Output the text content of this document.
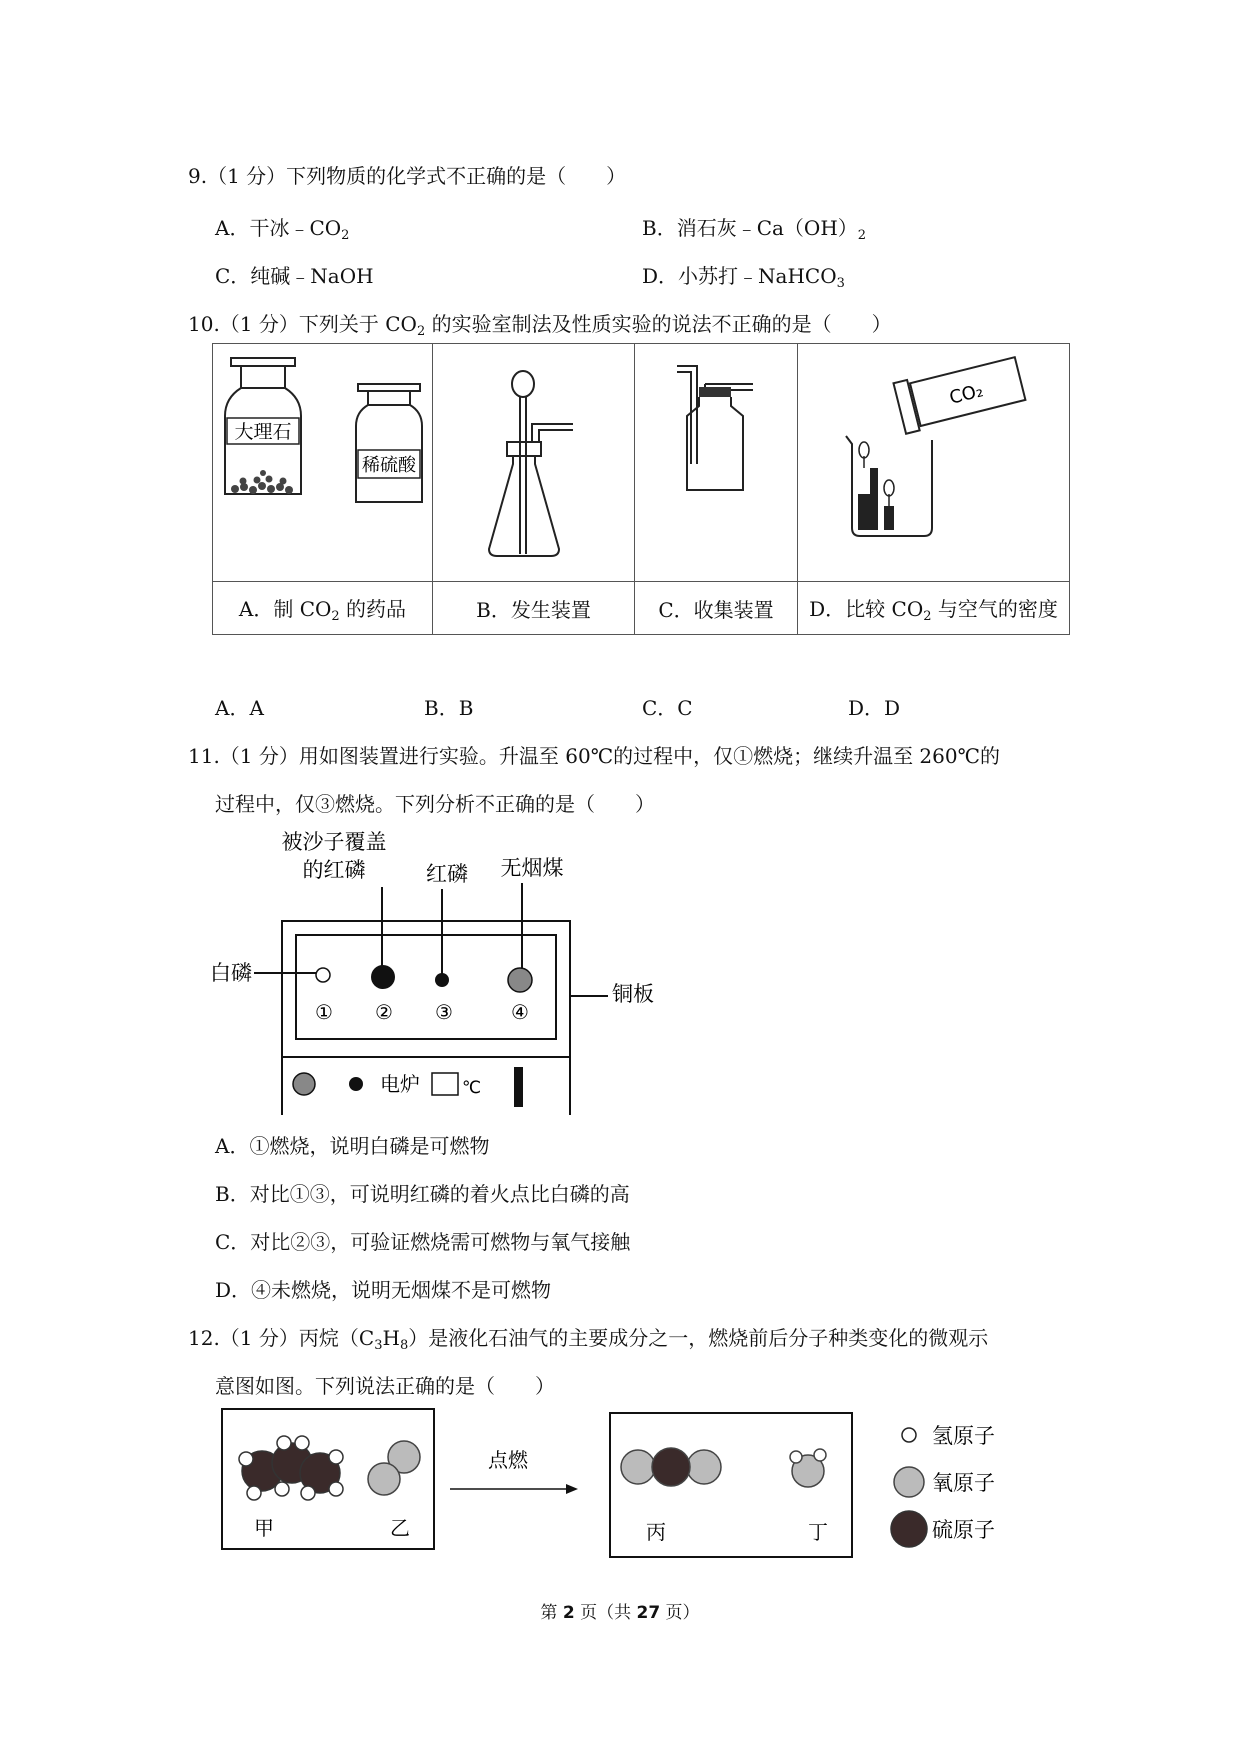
9.（1 分）下列物质的化学式不正确的是（　　）
A．干冰$﹣CO_2$	B．消石灰$﹣Ca(OH)_2$
C．纯碱﹣NaOH	D．小苏打﹣NaHCO$_3$
10.（1 分）下列关于 $CO_2$ 的实验室制法及性质实验的说法不正确的是（　　）
大理石
稀硫酸			CO₂

A．制 $CO_2$ 的药品	B．发生装置	C．收集装置	D．比较 $CO_2$ 与空气的密度
A．A	B．B	C．C	D．D
11.（1 分）用如图装置进行实验。升温至 60℃的过程中，仅①燃烧；继续升温至 260℃的
过程中，仅③燃烧。下列分析不正确的是（　　）
被沙子覆盖
的红磷	红磷 无烟煤
白磷
铜板
① ② ③	④
电炉 ℃
A．①燃烧，说明白磷是可燃物
B．对比①③，可说明红磷的着火点比白磷的高
C．对比②③，可验证燃烧需可燃物与氧气接触
D．④未燃烧，说明无烟煤不是可燃物
12.（1 分）丙烷$(C_3H_8)$是液化石油气的主要成分之一，燃烧前后分子种类变化的微观示
意图如图。下列说法正确的是（　　）
甲	乙
点燃
丙	丁
氢原子
氧原子
硫原子
第 2 页（共 27 页）
